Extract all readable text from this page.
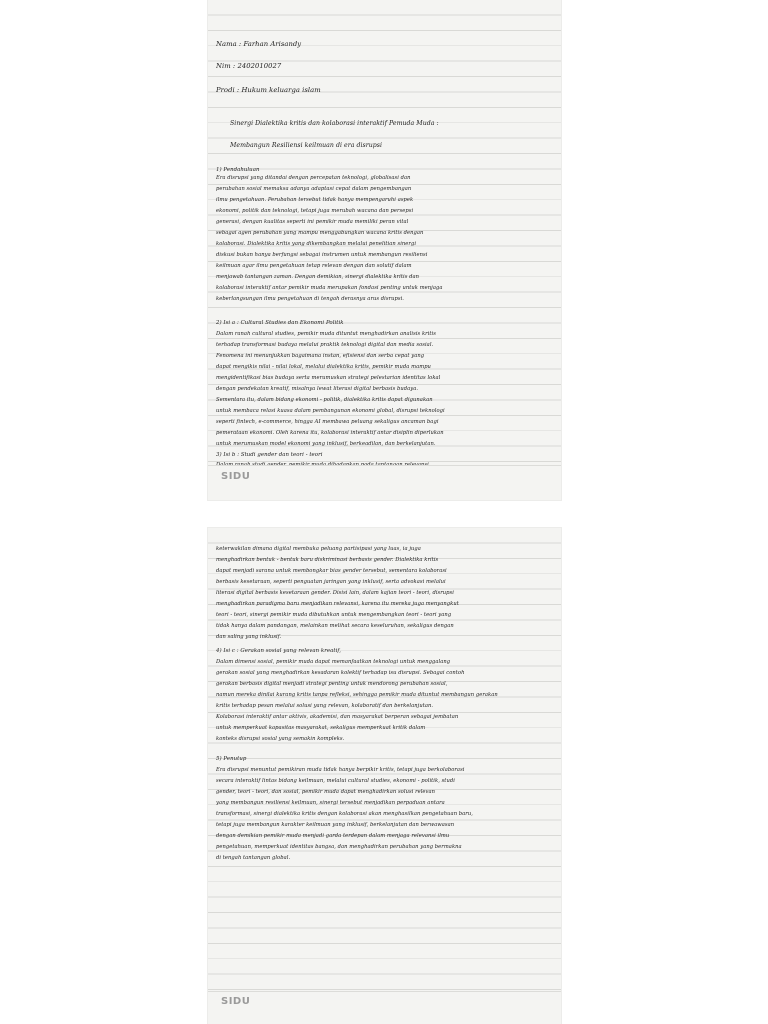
Nama : Farhan Arisandy
Nim : 2402010027
Prodi : Hukum keluarga islam
Sinergi Dialektika kritis dan kolaborasi interaktif Pemuda Muda :
Membangun Resiliensi keilmuan di era disrupsi
1) Pendahuluan
Era disrupsi yang ditandai dengan percepatan teknologi, globalisasi dan
perubahan sosial memaksa adanya adaptasi cepat dalam pengembangan
ilmu pengetahuan. Perubahan tersebut tidak hanya mempengaruhi aspek
ekonomi, politik dan teknologi, tetapi juga merubah wacana dan persepsi
generasi, dengan kualitas seperti ini pemikir muda memiliki peran vital
sebagai agen perubahan yang mampu menggabungkan wacana kritis dengan
kolaborasi. Dialektika kritis yang dikembangkan melalui penelitian sinergi
diskusi bukan hanya berfungsi sebagai instrumen untuk membangun resiliensi
keilmuan agar ilmu pengetahuan tetap relevan dengan dan solutif dalam
menjawab tantangan zaman. Dengan demikian, sinergi dialektika kritis dan
kolaborasi interaktif antar pemikir muda merupakan fondasi penting untuk menjaga
keberlangsungan ilmu pengetahuan di tengah derasnya arus disrupsi.
2) Isi a : Cultural Studies dan Ekonomi Politik
Dalam ranah cultural studies, pemikir muda dituntut menghadirkan analisis kritis
terhadap transformasi budaya melalui praktik teknologi digital dan media sosial.
Fenomena ini menunjukkan bagaimana instan, efisiensi dan serba cepat yang
dapat mengikis nilai - nilai lokal, melalui dialektika kritis, pemikir muda mampu
mengidentifikasi bias budaya serta merumuskan strategi pelestarian identitas lokal
dengan pendekatan kreatif, misalnya lewat literasi digital berbasis budaya.
Sementara itu, dalam bidang ekonomi - politik, dialektika kritis dapat digunakan
untuk membaca relasi kuasa dalam pembangunan ekonomi global, disrupsi teknologi
seperti fintech, e-commerce, hingga AI membawa peluang sekaligus ancaman bagi
pemerataan ekonomi. Oleh karena itu, kolaborasi interaktif antar disiplin diperlukan
untuk merumuskan model ekonomi yang inklusif, berkeadilan, dan berkelanjutan.
3) Isi b : Studi gender dan teori - teori
SIDU
keterwakilan dimana digital membuka peluang partisipasi yang luas, ia juga
menghadirkan bentuk - bentuk baru diskriminasi berbasis gender. Dialektika kritis
dapat menjadi sarana untuk membongkar bias gender tersebut, sementara kolaborasi
berbasis kesetaraan, seperti penguatan jaringan yang inklusif, serta advokasi melalui
literasi digital berbasis kesetaraan gender. Disisi lain, dalam kajian teori - teori, disrupsi
menghadirkan paradigma baru menjadikan relevansi, karena itu mereka juga menyangkut
teori - teori, sinergi pemikir muda dibutuhkan untuk mengembangkan teori - teori yang
tidak hanya dalam pandangan, melainkan melihat secara keseluruhan, sekaligus dengan
dan saling yang inklusif.
4) Isi c : Gerakan sosial yang relevan kreatif,
Dalam dimensi sosial, pemikir muda dapat memanfaatkan teknologi untuk menggalang
gerakan sosial yang menghadirkan kesadaran kolektif terhadap isu disrupsi. Sebagai contoh
gerakan berbasis digital menjadi strategi penting untuk mendorong perubahan sosial,
namun mereka dinilai kurang kritis tanpa refleksi, sehingga pemikir muda dituntut membangun gerakan
kritis terhadap pesan melalui solusi yang relevan, kolaboratif dan berkelanjutan.
Kolaborasi interaktif antar aktivis, akademisi, dan masyarakat berperan sebagai jembatan
untuk memperkuat kapasitas masyarakat, sekaligus memperkuat kritik dalam
konteks disrupsi sosial yang semakin kompleks.
5) Penutup
Era disrupsi menuntut pemikiran muda tidak hanya berpikir kritis, tetapi juga berkolaborasi
secara interaktif lintas bidang keilmuan, melalui cultural studies, ekonomi - politik, studi
gender, teori - teori, dan sosial, pemikir muda dapat menghadirkan solusi relevan
yang membangun resiliensi keilmuan, sinergi tersebut menjadikan perpaduan antara
transformasi, sinergi dialektika kritis dengan kolaborasi akan menghasilkan pengetahuan baru,
tetapi juga membangun karakter keilmuan yang inklusif, berkelanjutan dan berwawasan
dengan demikian pemikir muda menjadi garda terdepan dalam menjaga relevansi ilmu
pengetahuan, memperkuat identitas bangsa, dan menghadirkan perubahan yang bermakna
di tengah tantangan global.
SIDU
